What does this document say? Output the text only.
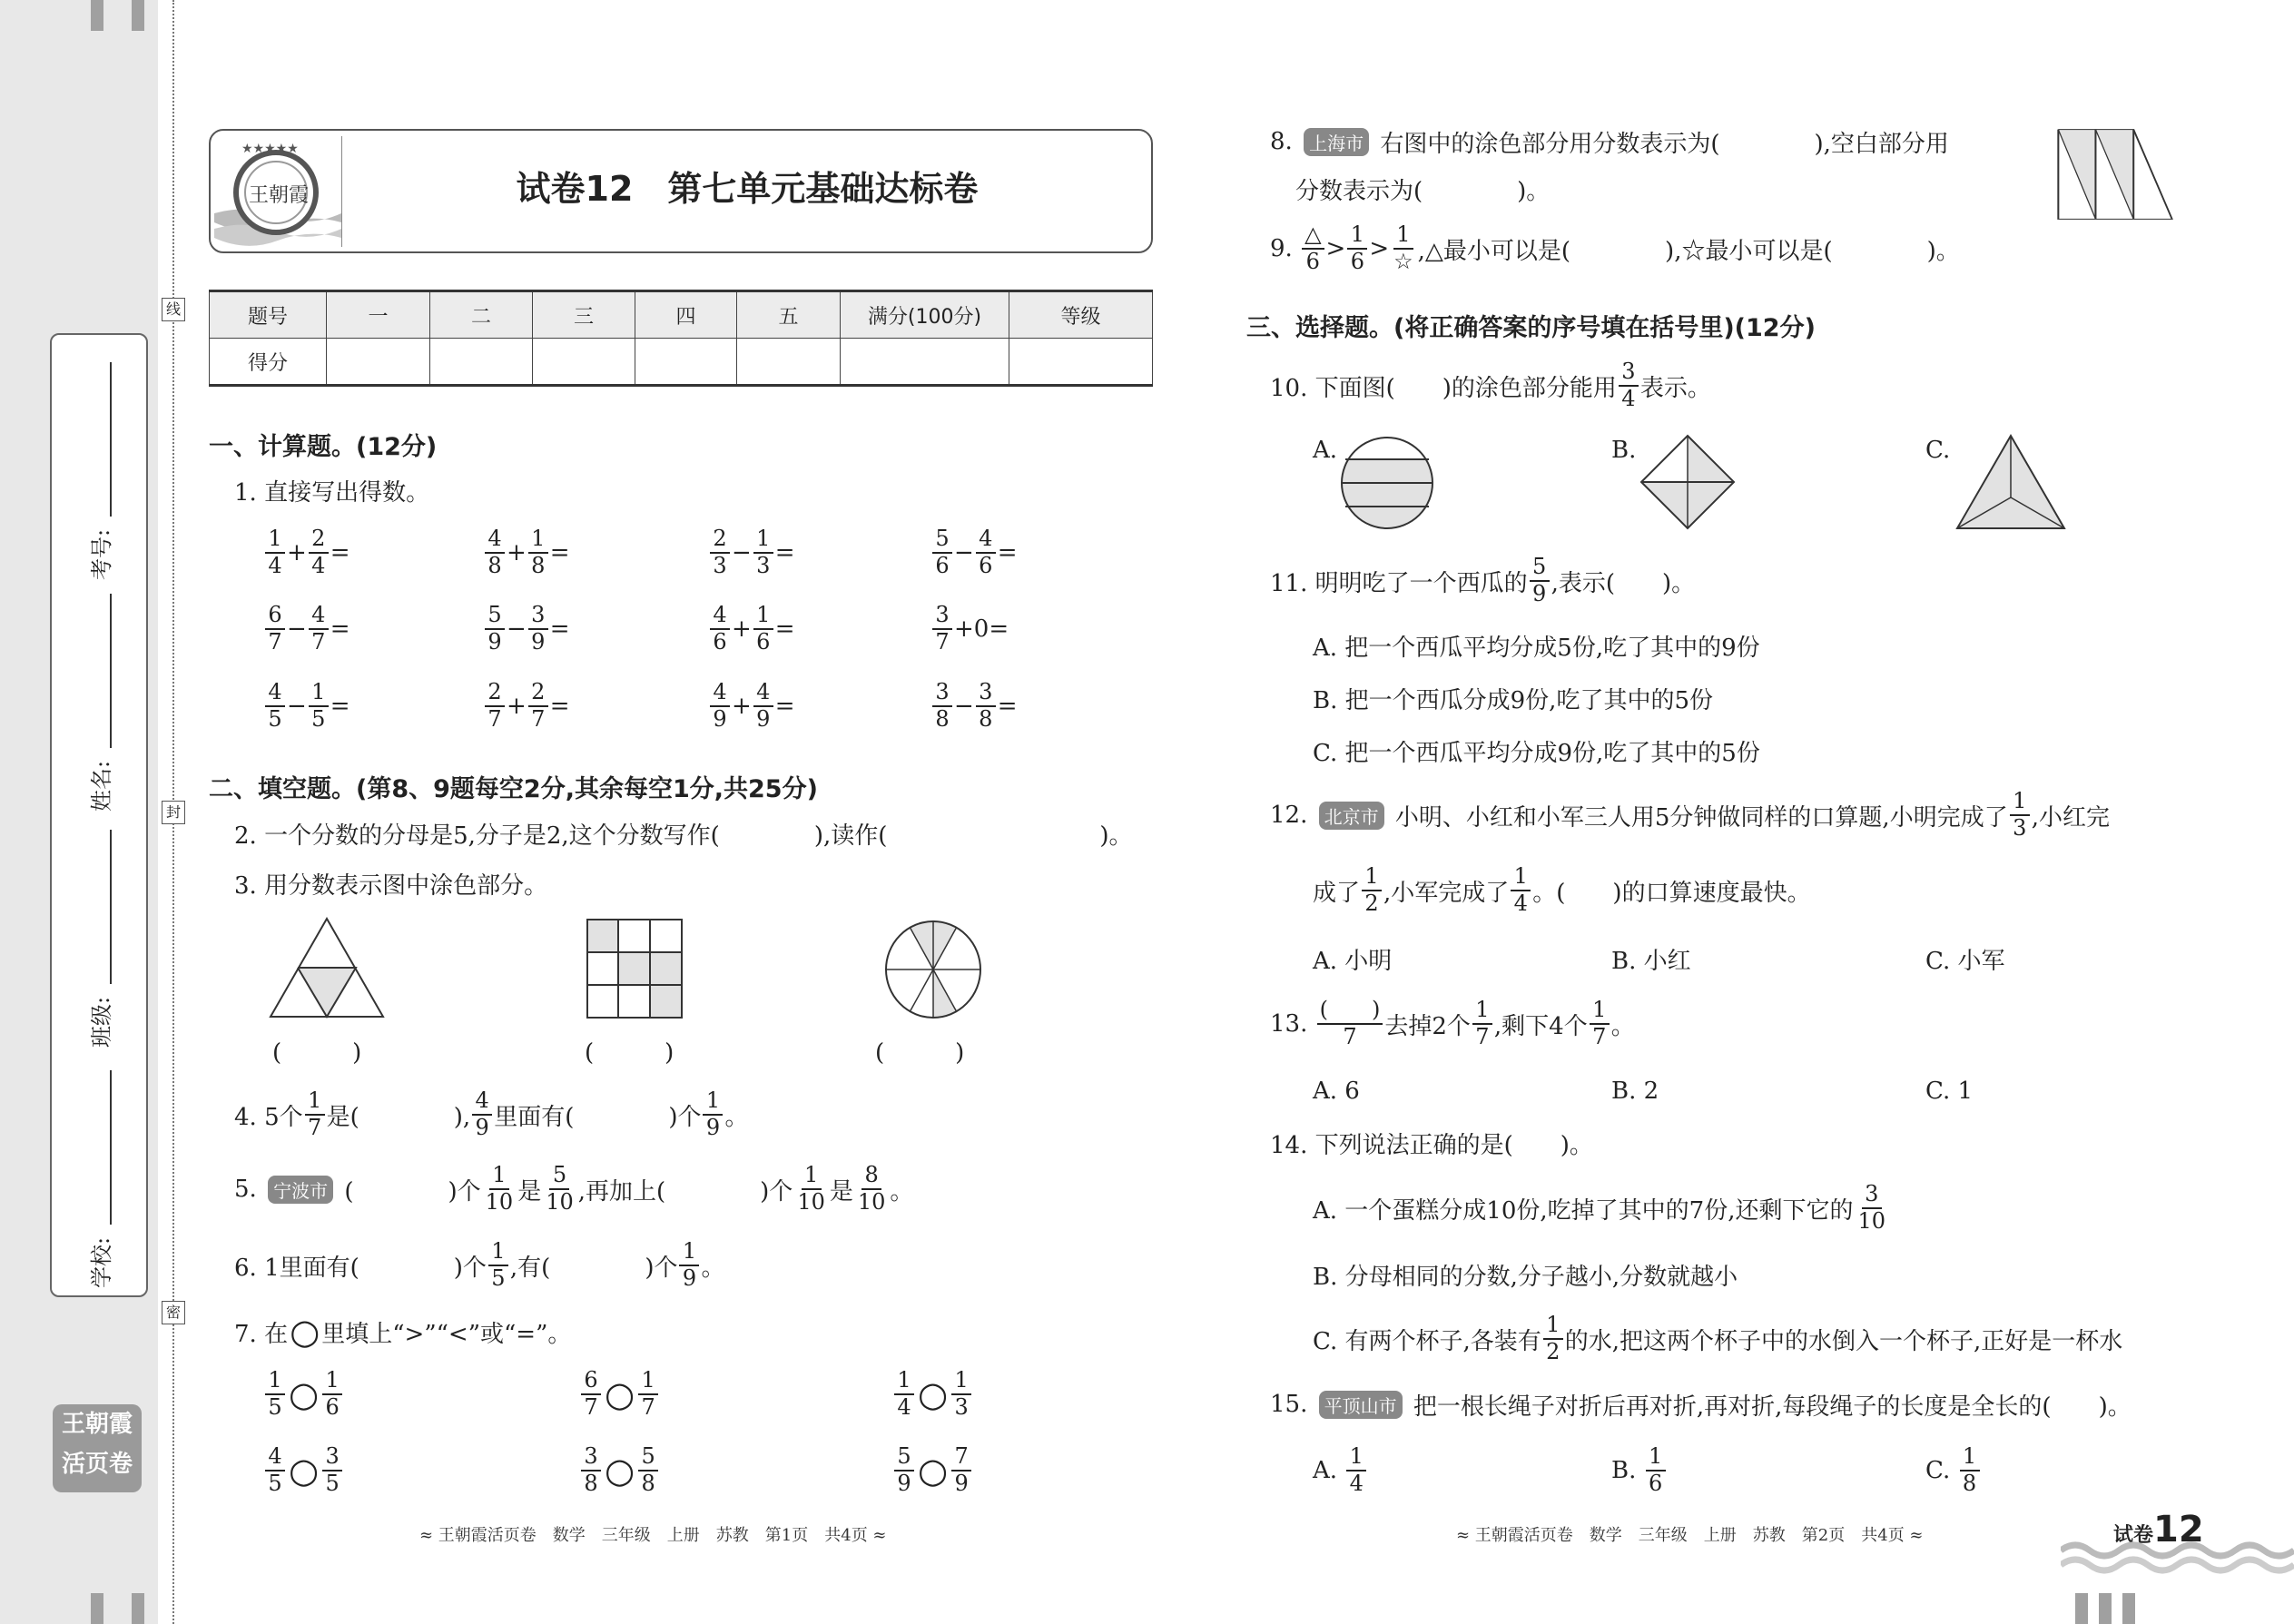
线
封
密
考号:
姓名:
班级:
学校:
王朝霞
活页卷
★★★★★
王朝霞	试卷12　第七单元基础达标卷
题号	一	二	三	四	五	满分(100分)	等级
得分							
一、计算题。(12分)
1. 直接写出得数。
$\frac{1}{4} + \frac{2}{4}$ =	$\frac{4}{8} + \frac{1}{8}$ =	$\frac{2}{3} - \frac{1}{3}$ =	$\frac{5}{6} - \frac{4}{6}$ =
$\frac{6}{7} - \frac{4}{7}$ =	$\frac{5}{9} - \frac{3}{9}$ =	$\frac{4}{6} + \frac{1}{6}$ =	$\frac{3}{7} +0=$
$\frac{4}{5} - \frac{1}{5}$ =	$\frac{2}{7} + \frac{2}{7}$ =	$\frac{4}{9} + \frac{4}{9}$ =	$\frac{3}{8} - \frac{3}{8}$ =
二、填空题。(第8、9题每空2分,其余每空1分,共25分)
2. 一个分数的分母是5,分子是2,这个分数写作(　　　　),读作(　　　　　　　　　)。
3. 用分数表示图中涂色部分。
(　　　)	(　　　)	(　　　)
4. 5个 $\frac{1}{7}$ 是(　　　　), $\frac{4}{9}$ 里面有(　　　　)个 $\frac{1}{9}$ 。
5. 宁波市 (　　　　)个 $\frac{1}{10}$ 是 $\frac{5}{10}$ ,再加上(　　　　)个 $\frac{1}{10}$ 是 $\frac{8}{10}$ 。
6. 1里面有(　　　　)个 $\frac{1}{5}$ ,有(　　　　)个 $\frac{1}{9}$ 。
7. 在 ○ 里填上“>”“<”或“=”。
$\frac{1}{5}$ ○ $\frac{1}{6}$	$\frac{6}{7}$ ○ $\frac{1}{7}$	$\frac{1}{4}$ ○ $\frac{1}{3}$
$\frac{4}{5}$ ○ $\frac{3}{5}$	$\frac{3}{8}$ ○ $\frac{5}{8}$	$\frac{5}{9}$ ○ $\frac{7}{9}$
≈ 王朝霞活页卷　数学　三年级　上册　苏教　第1页　共4页 ≈
8. 上海市 右图中的涂色部分用分数表示为(　　　　),空白部分用
分数表示为(　　　　)。
9. $\frac{\triangle}{6} > \frac{1}{6} > \frac{1}{☆}$ ,△最小可以是(　　　　),☆最小可以是(　　　　)。
三、选择题。(将正确答案的序号填在括号里)(12分)
10. 下面图(　　)的涂色部分能用 $\frac{3}{4}$ 表示。
A.	B.	C.
11. 明明吃了一个西瓜的 $\frac{5}{9}$ ,表示(　　)。
A. 把一个西瓜平均分成5份,吃了其中的9份
B. 把一个西瓜分成9份,吃了其中的5份
C. 把一个西瓜平均分成9份,吃了其中的5份
12. 北京市 小明、小红和小军三人用5分钟做同样的口算题,小明完成了 $\frac{1}{3}$ ,小红完
成了 $\frac{1}{2}$ ,小军完成了 $\frac{1}{4}$ 。(　　)的口算速度最快。
A. 小明	B. 小红	C. 小军
13. $\frac{( )}{7}$ 去掉2个 $\frac{1}{7}$ ,剩下4个 $\frac{1}{7}$ 。
A. 6	B. 2	C. 1
14. 下列说法正确的是(　　)。
A. 一个蛋糕分成10份,吃掉了其中的7份,还剩下它的 $\frac{3}{10}$
B. 分母相同的分数,分子越小,分数就越小
C. 有两个杯子,各装有 $\frac{1}{2}$ 的水,把这两个杯子中的水倒入一个杯子,正好是一杯水
15. 平顶山市 把一根长绳子对折后再对折,再对折,每段绳子的长度是全长的(　　)。
A. $\frac{1}{4}$	B. $\frac{1}{6}$	C. $\frac{1}{8}$
≈ 王朝霞活页卷　数学　三年级　上册　苏教　第2页　共4页 ≈	试卷12
